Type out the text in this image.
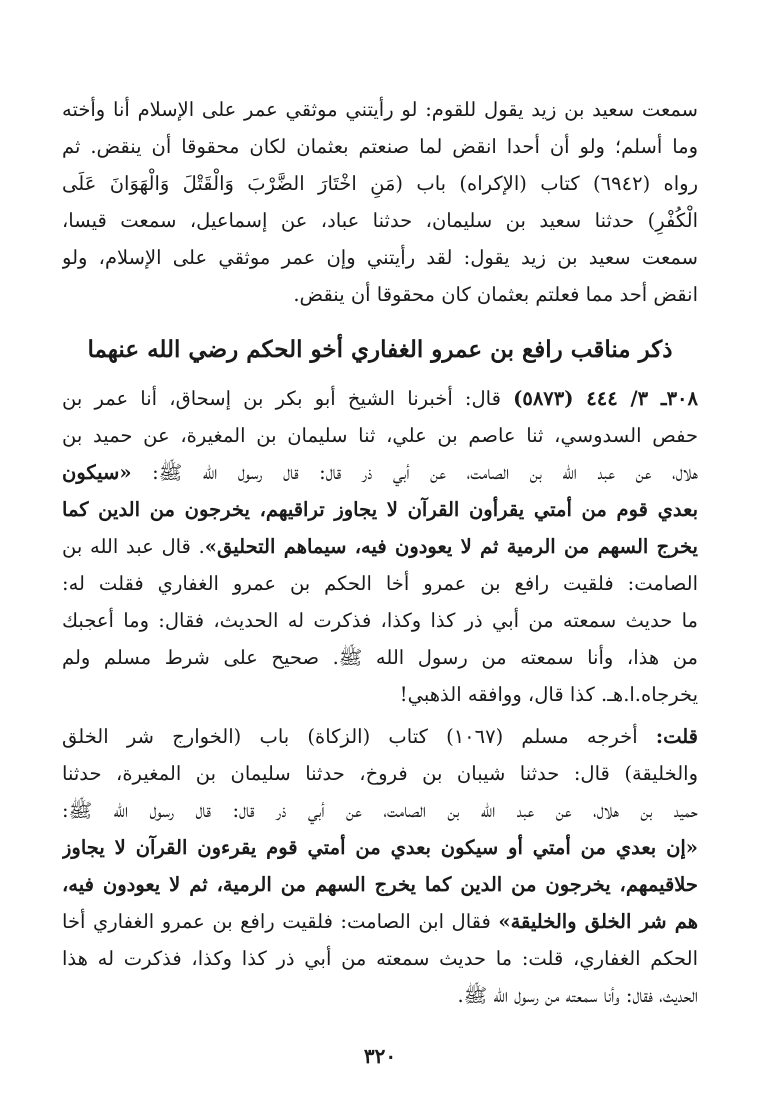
سمعت سعيد بن زيد يقول للقوم: لو رأيتني موثقي عمر على الإسلام أنا وأخته
وما أسلم؛ ولو أن أحدا انقض لما صنعتم بعثمان لكان محقوقا أن ينقض. ثم
رواه (٦٩٤٢) كتاب (الإكراه) باب (مَنِ اخْتَارَ الضَّرْبَ وَالْقَتْلَ وَالْهَوَانَ عَلَى
الْكُفْرِ) حدثنا سعيد بن سليمان، حدثنا عباد، عن إسماعيل، سمعت قيسا،
سمعت سعيد بن زيد يقول: لقد رأيتني وإن عمر موثقي على الإسلام، ولو
انقض أحد مما فعلتم بعثمان كان محقوقا أن ينقض.
ذكر مناقب رافع بن عمرو الغفاري أخو الحكم رضي الله عنهما
٣٠٨ـ ٣/ ٤٤٤ (٥٨٧٣) قال: أخبرنا الشيخ أبو بكر بن إسحاق، أنا عمر بن
حفص السدوسي، ثنا عاصم بن علي، ثنا سليمان بن المغيرة، عن حميد بن
هلال، عن عبد الله بن الصامت، عن أبي ذر قال: قال رسول الله ﷺ: «سيكون
بعدي قوم من أمتي يقرأون القرآن لا يجاوز تراقيهم، يخرجون من الدين كما
يخرج السهم من الرمية ثم لا يعودون فيه، سيماهم التحليق». قال عبد الله بن
الصامت: فلقيت رافع بن عمرو أخا الحكم بن عمرو الغفاري فقلت له:
ما حديث سمعته من أبي ذر كذا وكذا، فذكرت له الحديث، فقال: وما أعجبك
من هذا، وأنا سمعته من رسول الله ﷺ. صحيح على شرط مسلم ولم
يخرجاه.ا.هـ. كذا قال، ووافقه الذهبي!
قلت: أخرجه مسلم (١٠٦٧) كتاب (الزكاة) باب (الخوارج شر الخلق
والخليقة) قال: حدثنا شيبان بن فروخ، حدثنا سليمان بن المغيرة، حدثنا
حميد بن هلال، عن عبد الله بن الصامت، عن أبي ذر قال: قال رسول الله ﷺ:
«إن بعدي من أمتي أو سيكون بعدي من أمتي قوم يقرءون القرآن لا يجاوز
حلاقيمهم، يخرجون من الدين كما يخرج السهم من الرمية، ثم لا يعودون فيه،
هم شر الخلق والخليقة» فقال ابن الصامت: فلقيت رافع بن عمرو الغفاري أخا
الحكم الغفاري، قلت: ما حديث سمعته من أبي ذر كذا وكذا، فذكرت له هذا
الحديث، فقال: وأنا سمعته من رسول الله ﷺ.
٣٢٠
